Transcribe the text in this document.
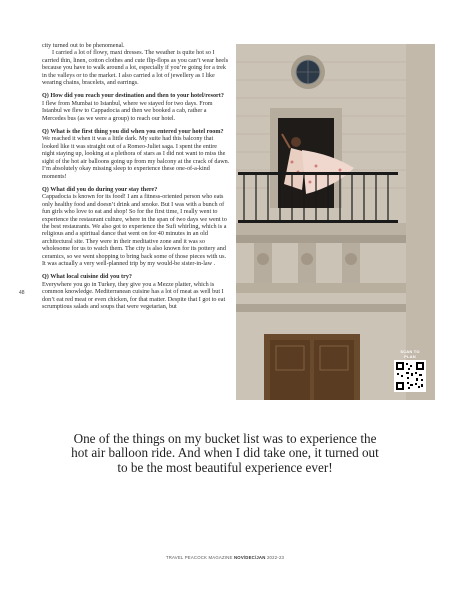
city turned out to be phenomenal.

I carried a lot of flowy, maxi dresses. The weather is quite hot so I carried thin, linen, cotton clothes and cute flip-flops as you can’t wear heels because you have to walk around a lot, especially if you’re going for a trek in the valleys or to the market. I also carried a lot of jewellery as I like wearing chains, bracelets, and earrings.

Q) How did you reach your destination and then to your hotel/resort?

I flew from Mumbai to Istanbul, where we stayed for two days. From Istanbul we flew to Cappadocia and then we booked a cab, rather a Mercedes bus (as we were a group) to reach our hotel.

Q) What is the first thing you did when you entered your hotel room?

We reached it when it was a little dark. My suite had this balcony that looked like it was straight out of a Romeo-Juliet saga. I spent the entire night staying up, looking at a plethora of stars as I did not want to miss the sight of the hot air balloons going up from my balcony at the crack of dawn. I’m absolutely okay missing sleep to experience these one-of-a-kind moments!

Q) What did you do during your stay there?

Cappadocia is known for its food! I am a fitness-oriented person who eats only healthy food and doesn’t drink and smoke. But I was with a bunch of fun girls who love to eat and shop! So for the first time, I really went to experience the restaurant culture, where in the span of two days we went to the best restaurants. We also got to experience the Sufi whirling, which is a religious and a spiritual dance that went on for 40 minutes in an old architectural site. They were in their meditative zone and it was so wholesome for us to watch them. The city is also known for its pottery and ceramics, so we went shopping to bring back some of those pieces with us. It was actually a very well-planned trip by my would-be sister-in-law .

Q) What local cuisine did you try?

Everywhere you go in Turkey, they give you a Mezze platter, which is common knowledge. Mediterranean cuisine has a lot of meat as well but I don’t eat red meat or even chicken, for that matter. Despite that I got to eat scrumptious salads and soups that were vegetarian, but

48
SCAN TO
PLAN
One of the things on my bucket list was to experience the hot air balloon ride. And when I did take one, it turned out to be the most beautiful experience ever!
TRAVEL PEACOCK MAGAZINE NOV/DEC/JAN 2022-23
